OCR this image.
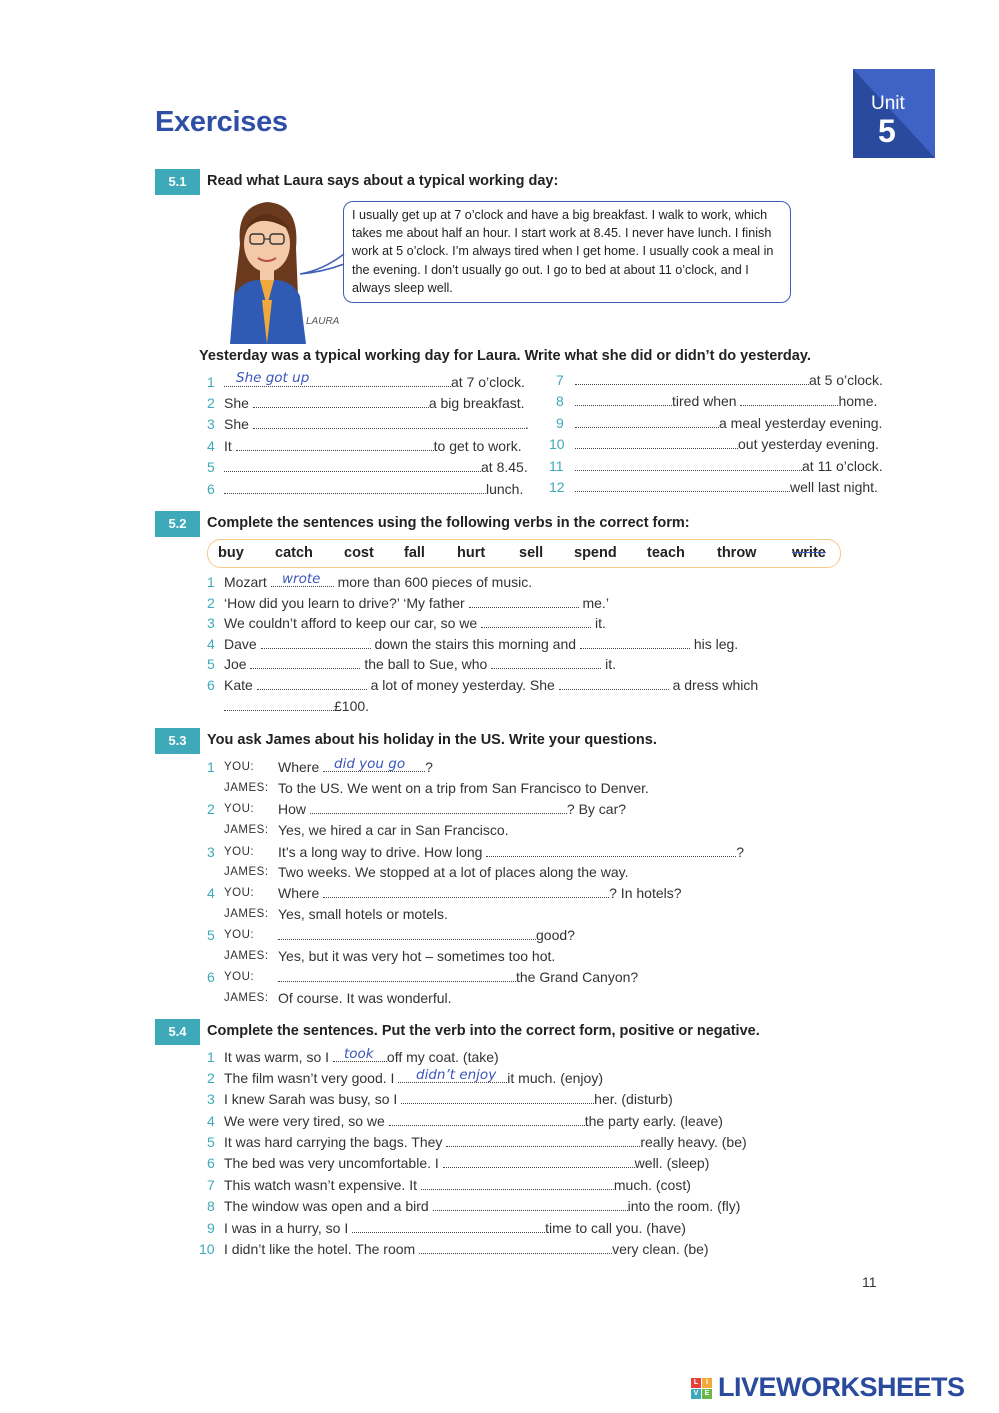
Exercises
Unit
5
5.1	Read what Laura says about a typical working day:
LAURA
I usually get up at 7 o’clock and have a big breakfast. I walk to work, which takes me about half an hour. I start work at 8.45. I never have lunch. I finish work at 5 o’clock. I’m always tired when I get home. I usually cook a meal in the evening. I don’t usually go out. I go to bed at about 11 o’clock, and I always sleep well.
Yesterday was a typical working day for Laura. Write what she did or didn’t do yesterday.
1	at 7 o’clock.
She got up
2 She	a big breakfast.
3 She	.
4 It	to get to work.
5	at 8.45.
6	lunch.
7	at 5 o’clock.
8	tired when	home.
9	a meal yesterday evening.
10	out yesterday evening.
11	at 11 o’clock.
12	well last night.
5.2	Complete the sentences using the following verbs in the correct form:
buy catch cost fall hurt sell spend teach throw write
1 Mozart	more than 600 pieces of music.
wrote
2 ‘How did you learn to drive?’ ‘My father	me.’
3 We couldn’t afford to keep our car, so we	it.
4 Dave	down the stairs this morning and	his leg.
5 Joe	the ball to Sue, who	it.
6 Kate	a lot of money yesterday. She	a dress which
£100.
5.3	You ask James about his holiday in the US. Write your questions.
1 YOU: Where	?
did you go
JAMES: To the US. We went on a trip from San Francisco to Denver.
2 YOU: How	? By car?
JAMES: Yes, we hired a car in San Francisco.
3 YOU: It’s a long way to drive. How long	?
JAMES: Two weeks. We stopped at a lot of places along the way.
4 YOU: Where	? In hotels?
JAMES: Yes, small hotels or motels.
5 YOU:	good?
JAMES: Yes, but it was very hot – sometimes too hot.
6 YOU:	the Grand Canyon?
JAMES: Of course. It was wonderful.
5.4	Complete the sentences. Put the verb into the correct form, positive or negative.
1 It was warm, so I	off my coat. (take)
took
2 The film wasn’t very good. I	it much. (enjoy)
didn’t enjoy
3 I knew Sarah was busy, so I	her. (disturb)
4 We were very tired, so we	the party early. (leave)
5 It was hard carrying the bags. They	really heavy. (be)
6 The bed was very uncomfortable. I	well. (sleep)
7 This watch wasn’t expensive. It	much. (cost)
8 The window was open and a bird	into the room. (fly)
9 I was in a hurry, so I	time to call you. (have)
10 I didn’t like the hotel. The room	very clean. (be)
11
L	I
V E LIVEWORKSHEETS
